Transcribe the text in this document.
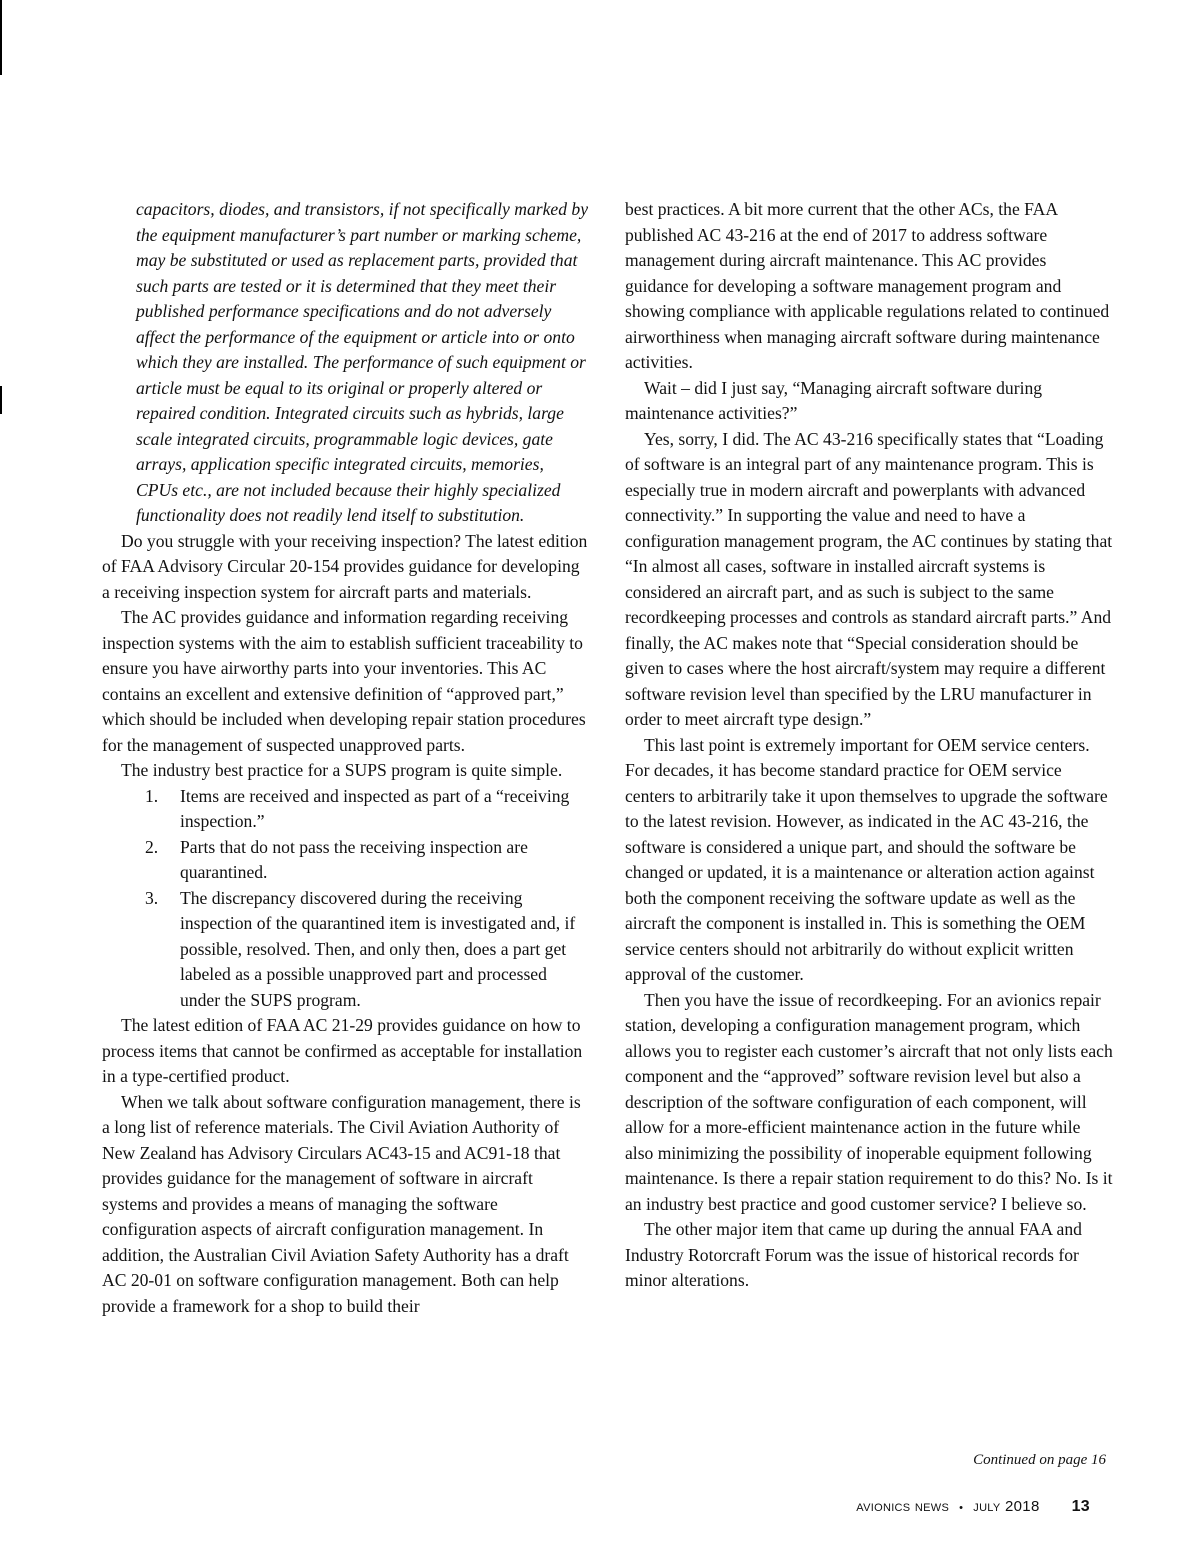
capacitors, diodes, and transistors, if not specifically marked by the equipment manufacturer’s part number or marking scheme, may be substituted or used as replacement parts, provided that such parts are tested or it is determined that they meet their published performance specifications and do not adversely affect the performance of the equipment or article into or onto which they are installed. The performance of such equipment or article must be equal to its original or properly altered or repaired condition. Integrated circuits such as hybrids, large scale integrated circuits, programmable logic devices, gate arrays, application specific integrated circuits, memories, CPUs etc., are not included because their highly specialized functionality does not readily lend itself to substitution.

Do you struggle with your receiving inspection? The latest edition of FAA Advisory Circular 20-154 provides guidance for developing a receiving inspection system for aircraft parts and materials.

The AC provides guidance and information regarding receiving inspection systems with the aim to establish sufficient traceability to ensure you have airworthy parts into your inventories. This AC contains an excellent and extensive definition of “approved part,” which should be included when developing repair station procedures for the management of suspected unapproved parts.

The industry best practice for a SUPS program is quite simple.

1. Items are received and inspected as part of a “receiving inspection.”
2. Parts that do not pass the receiving inspection are quarantined.
3. The discrepancy discovered during the receiving inspection of the quarantined item is investigated and, if possible, resolved. Then, and only then, does a part get labeled as a possible unapproved part and processed under the SUPS program.

The latest edition of FAA AC 21-29 provides guidance on how to process items that cannot be confirmed as acceptable for installation in a type-certified product.

When we talk about software configuration management, there is a long list of reference materials. The Civil Aviation Authority of New Zealand has Advisory Circulars AC43-15 and AC91-18 that provides guidance for the management of software in aircraft systems and provides a means of managing the software configuration aspects of aircraft configuration management. In addition, the Australian Civil Aviation Safety Authority has a draft AC 20-01 on software configuration management. Both can help provide a framework for a shop to build their

best practices. A bit more current that the other ACs, the FAA published AC 43-216 at the end of 2017 to address software management during aircraft maintenance. This AC provides guidance for developing a software management program and showing compliance with applicable regulations related to continued airworthiness when managing aircraft software during maintenance activities.

Wait – did I just say, “Managing aircraft software during maintenance activities?”

Yes, sorry, I did. The AC 43-216 specifically states that “Loading of software is an integral part of any maintenance program. This is especially true in modern aircraft and powerplants with advanced connectivity.” In supporting the value and need to have a configuration management program, the AC continues by stating that “In almost all cases, software in installed aircraft systems is considered an aircraft part, and as such is subject to the same recordkeeping processes and controls as standard aircraft parts.” And finally, the AC makes note that “Special consideration should be given to cases where the host aircraft/system may require a different software revision level than specified by the LRU manufacturer in order to meet aircraft type design.”

This last point is extremely important for OEM service centers. For decades, it has become standard practice for OEM service centers to arbitrarily take it upon themselves to upgrade the software to the latest revision. However, as indicated in the AC 43-216, the software is considered a unique part, and should the software be changed or updated, it is a maintenance or alteration action against both the component receiving the software update as well as the aircraft the component is installed in. This is something the OEM service centers should not arbitrarily do without explicit written approval of the customer.

Then you have the issue of recordkeeping. For an avionics repair station, developing a configuration management program, which allows you to register each customer’s aircraft that not only lists each component and the “approved” software revision level but also a description of the software configuration of each component, will allow for a more-efficient maintenance action in the future while also minimizing the possibility of inoperable equipment following maintenance. Is there a repair station requirement to do this? No. Is it an industry best practice and good customer service? I believe so.

The other major item that came up during the annual FAA and Industry Rotorcraft Forum was the issue of historical records for minor alterations.

Continued on page 16
avionics news • july 2018 13
